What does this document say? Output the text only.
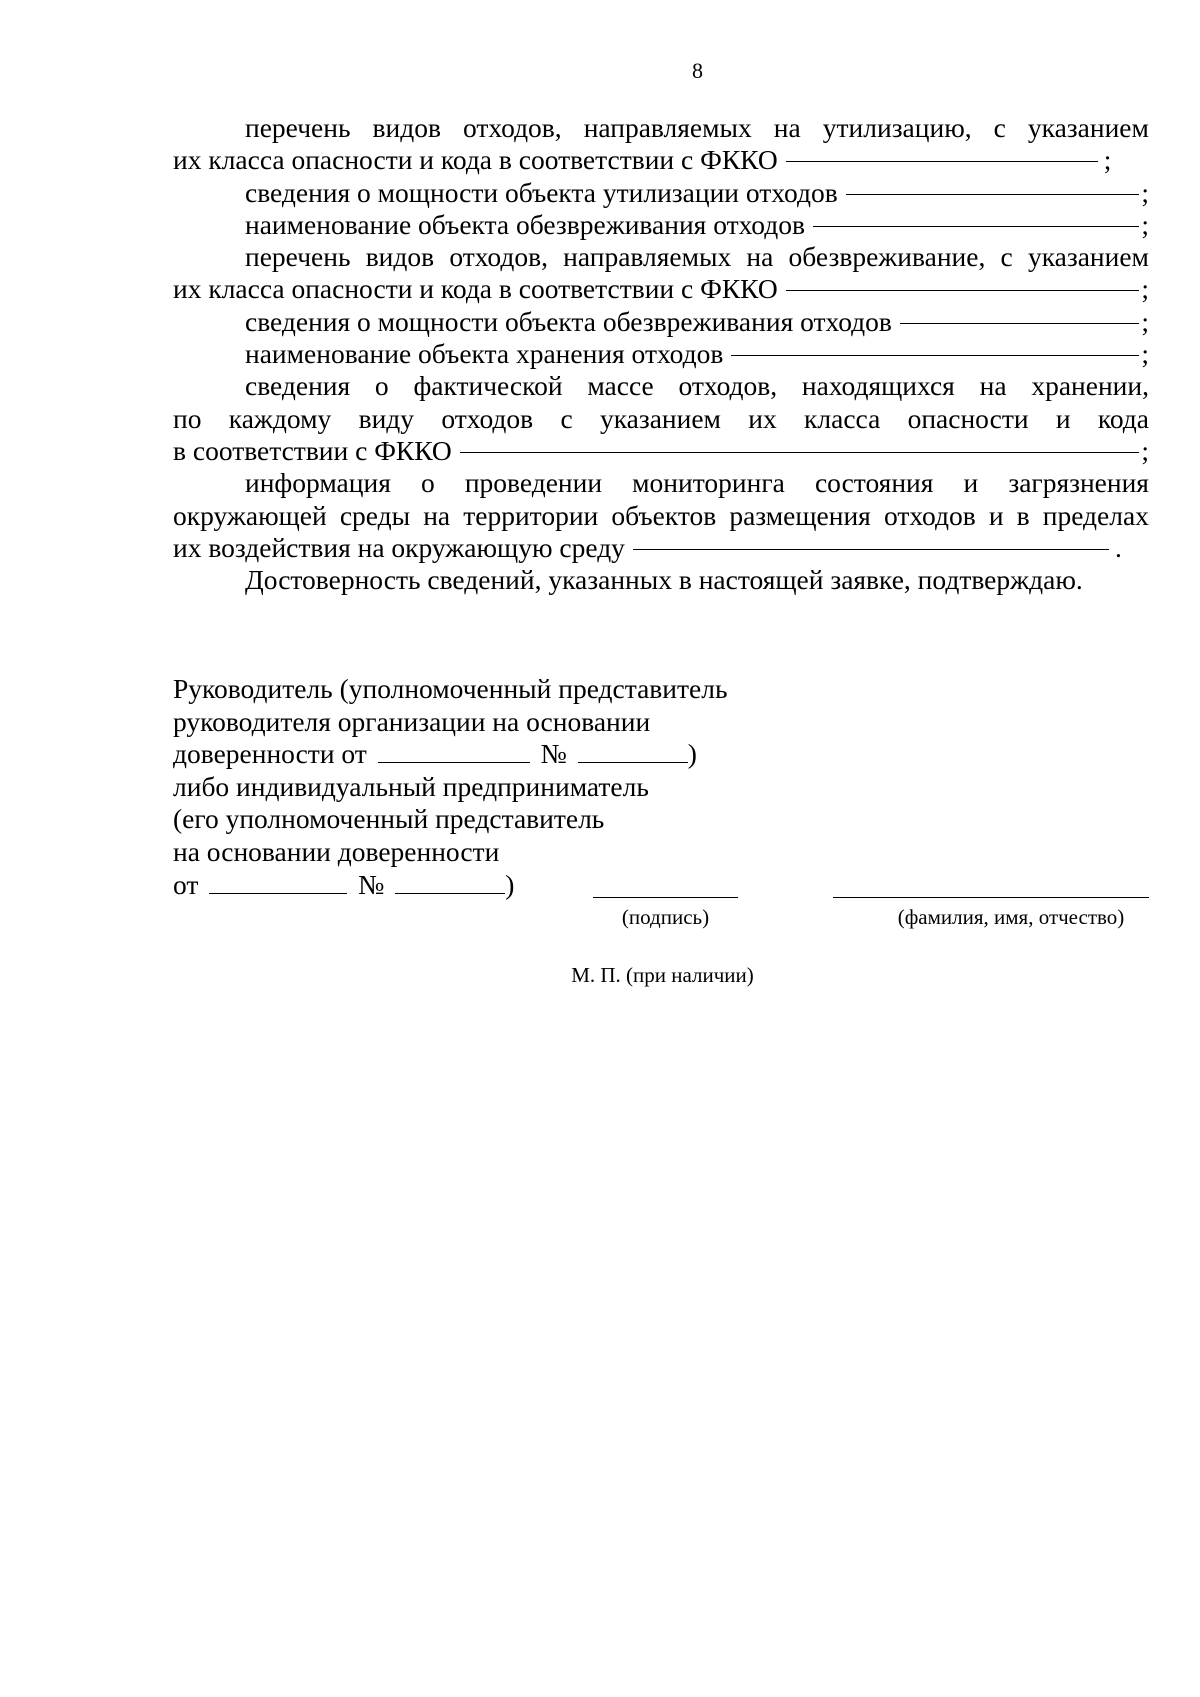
8
перечень видов отходов, направляемых на утилизацию, с указанием
их класса опасности и кода в соответствии с ФККО	;
сведения о мощности объекта утилизации отходов	;
наименование объекта обезвреживания отходов	;
перечень видов отходов, направляемых на обезвреживание, с указанием
их класса опасности и кода в соответствии с ФККО	;
сведения о мощности объекта обезвреживания отходов	;
наименование объекта хранения отходов	;
сведения о фактической массе отходов, находящихся на хранении,
по каждому виду отходов с указанием их класса опасности и кода
в соответствии с ФККО	;
информация о проведении мониторинга состояния и загрязнения
окружающей среды на территории объектов размещения отходов и в пределах
их воздействия на окружающую среду	.
Достоверность сведений, указанных в настоящей заявке, подтверждаю.
Руководитель (уполномоченный представитель
руководителя организации на основании
доверенности от	№	)
либо индивидуальный предприниматель
(его уполномоченный представитель
на основании доверенности
от	№	)
(подпись)	(фамилия, имя, отчество)
М. П. (при наличии)
